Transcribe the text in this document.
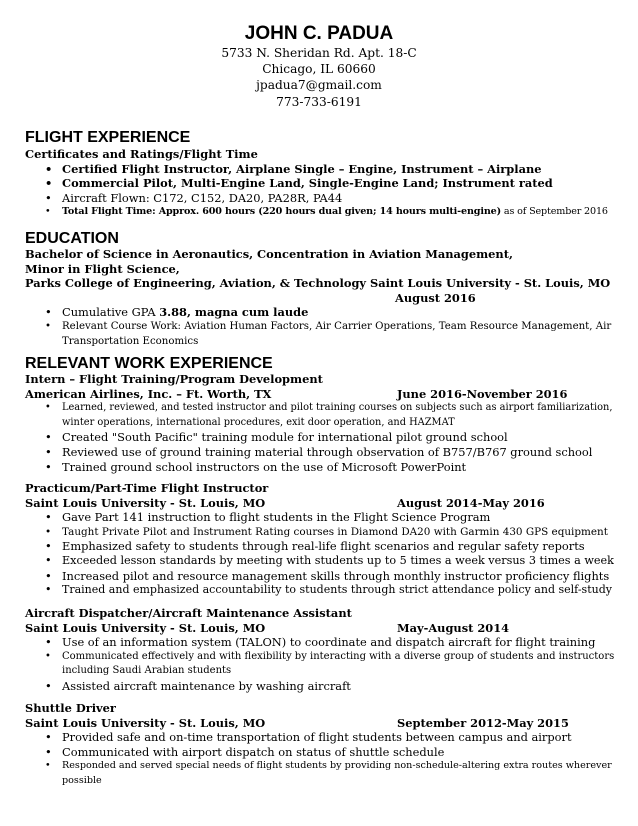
JOHN C. PADUA
5733 N. Sheridan Rd. Apt. 18-C
Chicago, IL 60660
jpadua7@gmail.com
773-733-6191
FLIGHT EXPERIENCE
Certificates and Ratings/Flight Time
• Certified Flight Instructor, Airplane Single – Engine, Instrument – Airplane
• Commercial Pilot, Multi-Engine Land, Single-Engine Land; Instrument rated
• Aircraft Flown: C172, C152, DA20, PA28R, PA44
• Total Flight Time: Approx. 600 hours (220 hours dual given; 14 hours multi-engine) as of September 2016
EDUCATION
Bachelor of Science in Aeronautics, Concentration in Aviation Management,
Minor in Flight Science,
Parks College of Engineering, Aviation, & Technology Saint Louis University - St. Louis, MO
August 2016
• Cumulative GPA 3.88, magna cum laude
• Relevant Course Work: Aviation Human Factors, Air Carrier Operations, Team Resource Management, Air
Transportation Economics
RELEVANT WORK EXPERIENCE
Intern – Flight Training/Program Development
American Airlines, Inc. – Ft. Worth, TX	June 2016-November 2016
• Learned, reviewed, and tested instructor and pilot training courses on subjects such as airport familiarization,
winter operations, international procedures, exit door operation, and HAZMAT
• Created "South Pacific" training module for international pilot ground school
• Reviewed use of ground training material through observation of B757/B767 ground school
• Trained ground school instructors on the use of Microsoft PowerPoint
Practicum/Part-Time Flight Instructor
Saint Louis University - St. Louis, MO	August 2014-May 2016
• Gave Part 141 instruction to flight students in the Flight Science Program
• Taught Private Pilot and Instrument Rating courses in Diamond DA20 with Garmin 430 GPS equipment
• Emphasized safety to students through real-life flight scenarios and regular safety reports
• Exceeded lesson standards by meeting with students up to 5 times a week versus 3 times a week
• Increased pilot and resource management skills through monthly instructor proficiency flights
• Trained and emphasized accountability to students through strict attendance policy and self-study
Aircraft Dispatcher/Aircraft Maintenance Assistant
Saint Louis University - St. Louis, MO	May-August 2014
• Use of an information system (TALON) to coordinate and dispatch aircraft for flight training
• Communicated effectively and with flexibility by interacting with a diverse group of students and instructors
including Saudi Arabian students
• Assisted aircraft maintenance by washing aircraft
Shuttle Driver
Saint Louis University - St. Louis, MO	September 2012-May 2015
• Provided safe and on-time transportation of flight students between campus and airport
• Communicated with airport dispatch on status of shuttle schedule
• Responded and served special needs of flight students by providing non-schedule-altering extra routes wherever
possible
